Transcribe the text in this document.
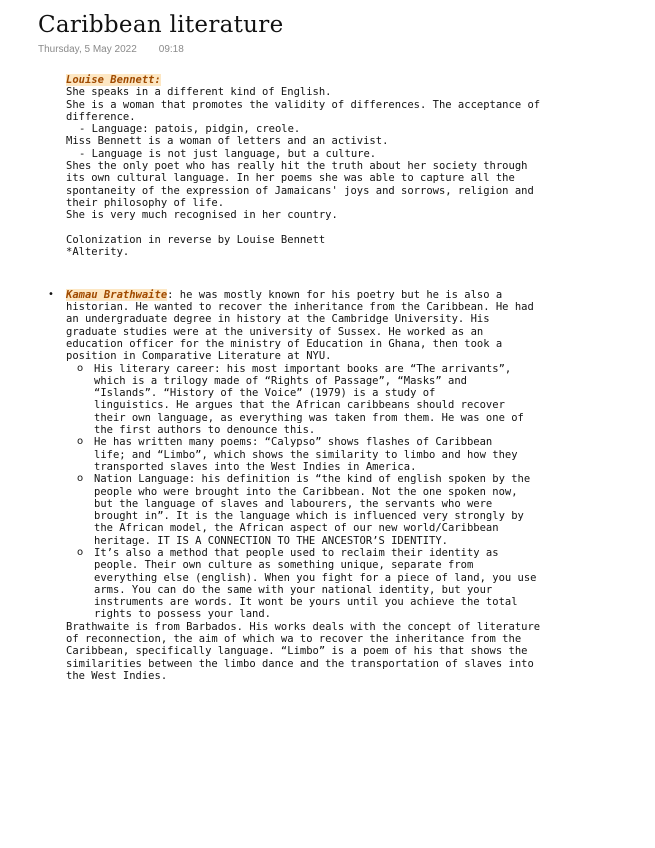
Caribbean literature
Thursday, 5 May 2022 09:18
Louise Bennett:
She speaks in a different kind of English.
She is a woman that promotes the validity of differences. The acceptance of
difference.
- Language: patois, pidgin, creole.
Miss Bennett is a woman of letters and an activist.
- Language is not just language, but a culture.
Shes the only poet who has really hit the truth about her society through
its own cultural language. In her poems she was able to capture all the
spontaneity of the expression of Jamaicans' joys and sorrows, religion and
their philosophy of life.
She is very much recognised in her country.
Colonization in reverse by Louise Bennett
*Alterity.
• Kamau Brathwaite: he was mostly known for his poetry but he is also a
historian. He wanted to recover the inheritance from the Caribbean. He had
an undergraduate degree in history at the Cambridge University. His
graduate studies were at the university of Sussex. He worked as an
education officer for the ministry of Education in Ghana, then took a
position in Comparative Literature at NYU.
o His literary career: his most important books are “The arrivants”,
which is a trilogy made of “Rights of Passage”, “Masks” and
“Islands”. “History of the Voice” (1979) is a study of
linguistics. He argues that the African caribbeans should recover
their own language, as everything was taken from them. He was one of
the first authors to denounce this.
o He has written many poems: “Calypso” shows flashes of Caribbean
life; and “Limbo”, which shows the similarity to limbo and how they
transported slaves into the West Indies in America.
o Nation Language: his definition is “the kind of english spoken by the
people who were brought into the Caribbean. Not the one spoken now,
but the language of slaves and labourers, the servants who were
brought in”. It is the language which is influenced very strongly by
the African model, the African aspect of our new world/Caribbean
heritage. IT IS A CONNECTION TO THE ANCESTOR’S IDENTITY.
o It’s also a method that people used to reclaim their identity as
people. Their own culture as something unique, separate from
everything else (english). When you fight for a piece of land, you use
arms. You can do the same with your national identity, but your
instruments are words. It wont be yours until you achieve the total
rights to possess your land.
Brathwaite is from Barbados. His works deals with the concept of literature
of reconnection, the aim of which wa to recover the inheritance from the
Caribbean, specifically language. “Limbo” is a poem of his that shows the
similarities between the limbo dance and the transportation of slaves into
the West Indies.
